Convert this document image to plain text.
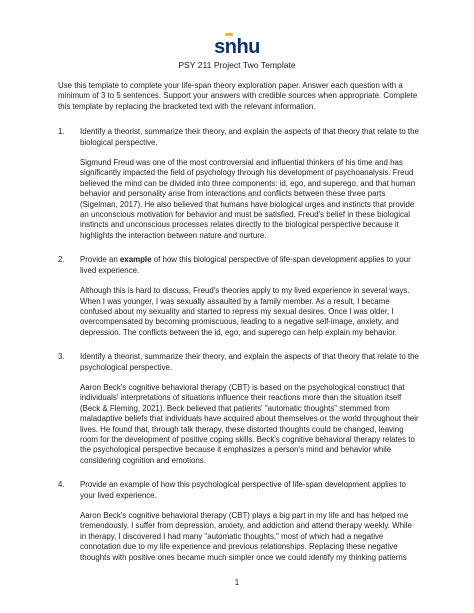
snhu
PSY 211 Project Two Template

Use this template to complete your life-span theory exploration paper. Answer each question with a minimum of 3 to 5 sentences. Support your answers with credible sources when appropriate. Complete this template by replacing the bracketed text with the relevant information.

1.	Identify a theorist, summarize their theory, and explain the aspects of that theory that relate to the biological perspective.

Sigmund Freud was one of the most controversial and influential thinkers of his time and has significantly impacted the field of psychology through his development of psychoanalysis. Freud believed the mind can be divided into three components: id, ego, and superego, and that human behavior and personality arise from interactions and conflicts between these three parts (Sigelman, 2017). He also believed that humans have biological urges and instincts that provide an unconscious motivation for behavior and must be satisfied. Freud's belief in these biological instincts and unconscious processes relates directly to the biological perspective because it highlights the interaction between nature and nurture.

2.	Provide an example of how this biological perspective of life-span development applies to your lived experience.

Although this is hard to discuss, Freud's theories apply to my lived experience in several ways. When I was younger, I was sexually assaulted by a family member. As a result, I became confused about my sexuality and started to repress my sexual desires. Once I was older, I overcompensated by becoming promiscuous, leading to a negative self-image, anxiety, and depression. The conflicts between the id, ego, and superego can help explain my behavior.

3.	Identify a theorist, summarize their theory, and explain the aspects of that theory that relate to the psychological perspective.

Aaron Beck's cognitive behavioral therapy (CBT) is based on the psychological construct that individuals' interpretations of situations influence their reactions more than the situation itself (Beck & Fleming, 2021). Beck believed that patients' "automatic thoughts" stemmed from maladaptive beliefs that individuals have acquired about themselves or the world throughout their lives. He found that, through talk therapy, these distorted thoughts could be changed, leaving room for the development of positive coping skills. Beck's cognitive behavioral therapy relates to the psychological perspective because it emphasizes a person's mind and behavior while considering cognition and emotions.

4.	Provide an example of how this psychological perspective of life-span development applies to your lived experience.

Aaron Beck's cognitive behavioral therapy (CBT) plays a big part in my life and has helped me tremendously. I suffer from depression, anxiety, and addiction and attend therapy weekly. While in therapy, I discovered I had many "automatic thoughts," most of which had a negative connotation due to my life experience and previous relationships. Replacing these negative thoughts with positive ones became much simpler once we could identify my thinking patterns

1
